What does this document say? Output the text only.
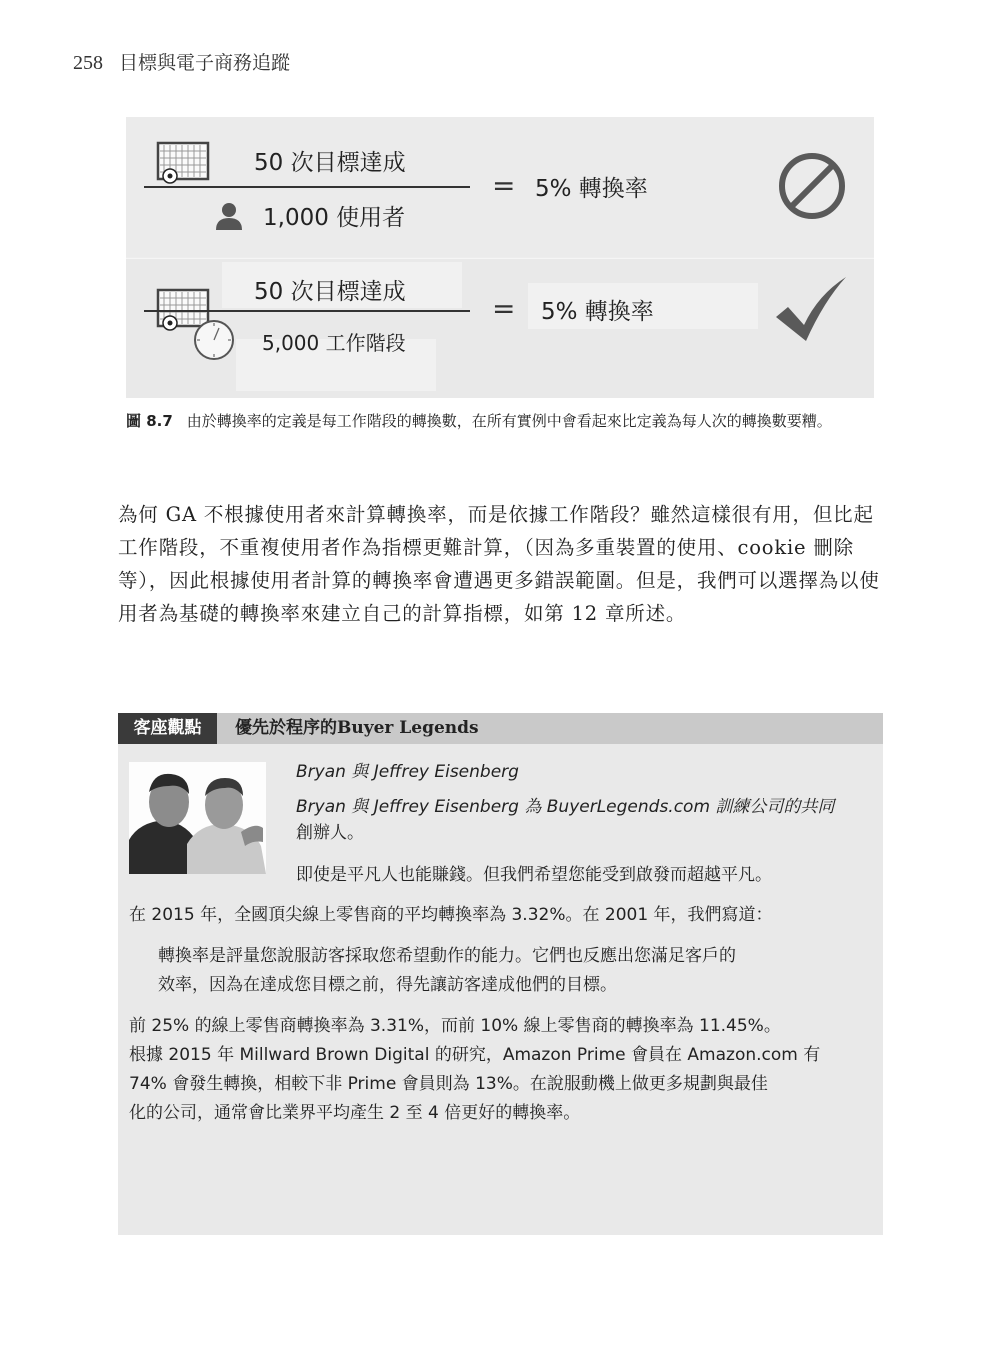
258 目標與電子商務追蹤
50 次目標達成
1,000 使用者
= 5% 轉換率
50 次目標達成
5,000 工作階段
= 5% 轉換率
圖 8.7 由於轉換率的定義是每工作階段的轉換數，在所有實例中會看起來比定義為每人次的轉換數要糟。
為何 GA 不根據使用者來計算轉換率，而是依據工作階段？雖然這樣很有用，但比起工作階段，不重複使用者作為指標更難計算，（因為多重裝置的使用、cookie 刪除等），因此根據使用者計算的轉換率會遭遇更多錯誤範圍。但是，我們可以選擇為以使用者為基礎的轉換率來建立自己的計算指標，如第 12 章所述。
客座觀點	優先於程序的Buyer Legends
Bryan 與 Jeffrey Eisenberg
Bryan 與 Jeffrey Eisenberg 為 BuyerLegends.com 訓練公司的共同
創辦人。
即使是平凡人也能賺錢。但我們希望您能受到啟發而超越平凡。
在 2015 年，全國頂尖線上零售商的平均轉換率為 3.32%。在 2001 年，我們寫道：
轉換率是評量您說服訪客採取您希望動作的能力。它們也反應出您滿足客戶的
效率，因為在達成您目標之前，得先讓訪客達成他們的目標。
前 25% 的線上零售商轉換率為 3.31%，而前 10% 線上零售商的轉換率為 11.45%。
根據 2015 年 Millward Brown Digital 的研究，Amazon Prime 會員在 Amazon.com 有
74% 會發生轉換，相較下非 Prime 會員則為 13%。在說服動機上做更多規劃與最佳
化的公司，通常會比業界平均產生 2 至 4 倍更好的轉換率。
